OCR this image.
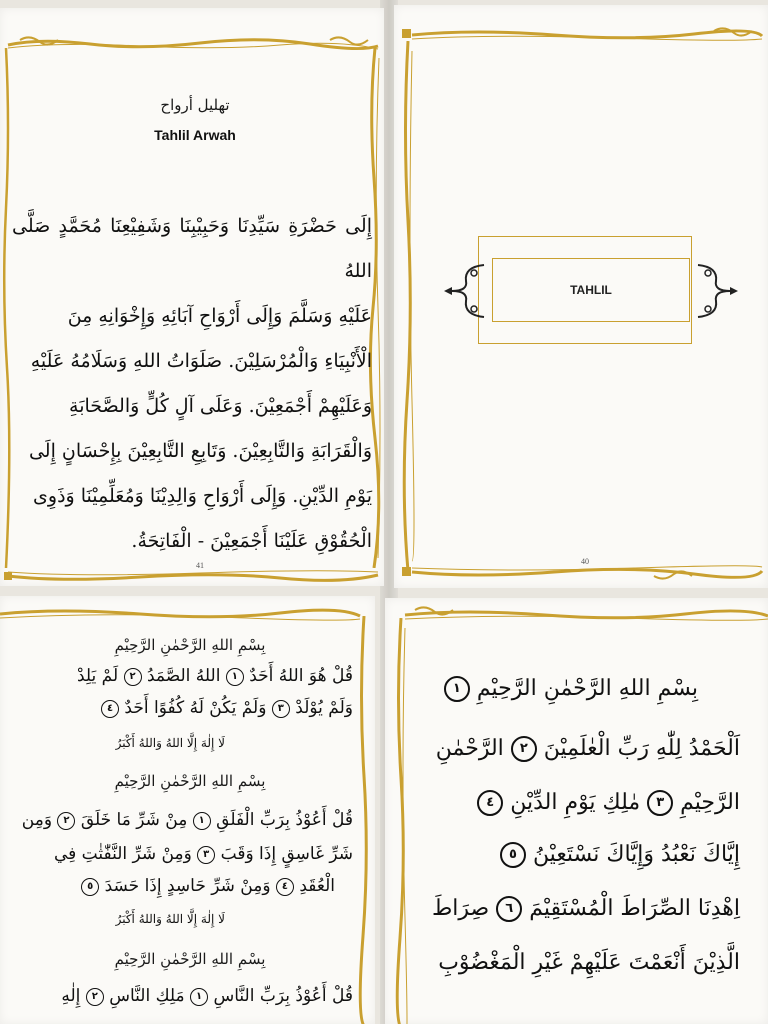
تهليل أرواح
Tahlil Arwah

إِلَى حَضْرَةِ سَيِّدِنَا وَحَبِيْبِنَا وَشَفِيْعِنَا مُحَمَّدٍ صَلَّى اللهُ

عَلَيْهِ وَسَلَّمَ وَإِلَى أَرْوَاحِ آبَائِهِ وَإِخْوَانِهِ مِنَ

الْأَنْبِيَاءِ وَالْمُرْسَلِيْنَ. صَلَوَاتُ اللهِ وَسَلَامُهُ عَلَيْهِ

وَعَلَيْهِمْ أَجْمَعِيْنَ. وَعَلَى آلٍ كُلٍّ وَالصَّحَابَةِ

وَالْقَرَابَةِ وَالتَّابِعِيْنَ. وَتَابِعِ التَّابِعِيْنَ بِإِحْسَانٍ إِلَى

يَوْمِ الدِّيْنِ. وَإِلَى أَرْوَاحِ وَالِدِيْنَا وَمُعَلِّمِيْنَا وَذَوِى

الْحُقُوْقِ عَلَيْنَا أَجْمَعِيْنَ - الْفَاتِحَةُ.

41
TAHLIL
40
بِسْمِ اللهِ الرَّحْمٰنِ الرَّحِيْمِ
قُلْ هُوَ اللهُ أَحَدٌ ١ اللهُ الصَّمَدُ ٢ لَمْ يَلِدْ
وَلَمْ يُوْلَدْ ٣ وَلَمْ يَكُنْ لَهُ كُفُوًا أَحَدٌ ٤
لَا إِلٰهَ إِلَّا اللهُ وَاللهُ أَكْبَرُ
بِسْمِ اللهِ الرَّحْمٰنِ الرَّحِيْمِ
قُلْ أَعُوْذُ بِرَبِّ الْفَلَقِ ١ مِنْ شَرِّ مَا خَلَقَ ٢ وَمِن
شَرِّ غَاسِقٍ إِذَا وَقَبَ ٣ وَمِنْ شَرِّ النَّفّٰثٰتِ فِي
الْعُقَدِ ٤ وَمِنْ شَرِّ حَاسِدٍ إِذَا حَسَدَ ٥
لَا إِلٰهَ إِلَّا اللهُ وَاللهُ أَكْبَرُ
بِسْمِ اللهِ الرَّحْمٰنِ الرَّحِيْمِ
قُلْ أَعُوْذُ بِرَبِّ النَّاسِ ١ مَلِكِ النَّاسِ ٢ إِلٰهِ
بِسْمِ اللهِ الرَّحْمٰنِ الرَّحِيْمِ ١
اَلْحَمْدُ لِلّٰهِ رَبِّ الْعٰلَمِيْنَ ٢ الرَّحْمٰنِ
الرَّحِيْمِ ٣ مٰلِكِ يَوْمِ الدِّيْنِ ٤
إِيَّاكَ نَعْبُدُ وَإِيَّاكَ نَسْتَعِيْنُ ٥
اِهْدِنَا الصِّرَاطَ الْمُسْتَقِيْمَ ٦ صِرَاطَ
الَّذِيْنَ أَنْعَمْتَ عَلَيْهِمْ غَيْرِ الْمَغْضُوْبِ
